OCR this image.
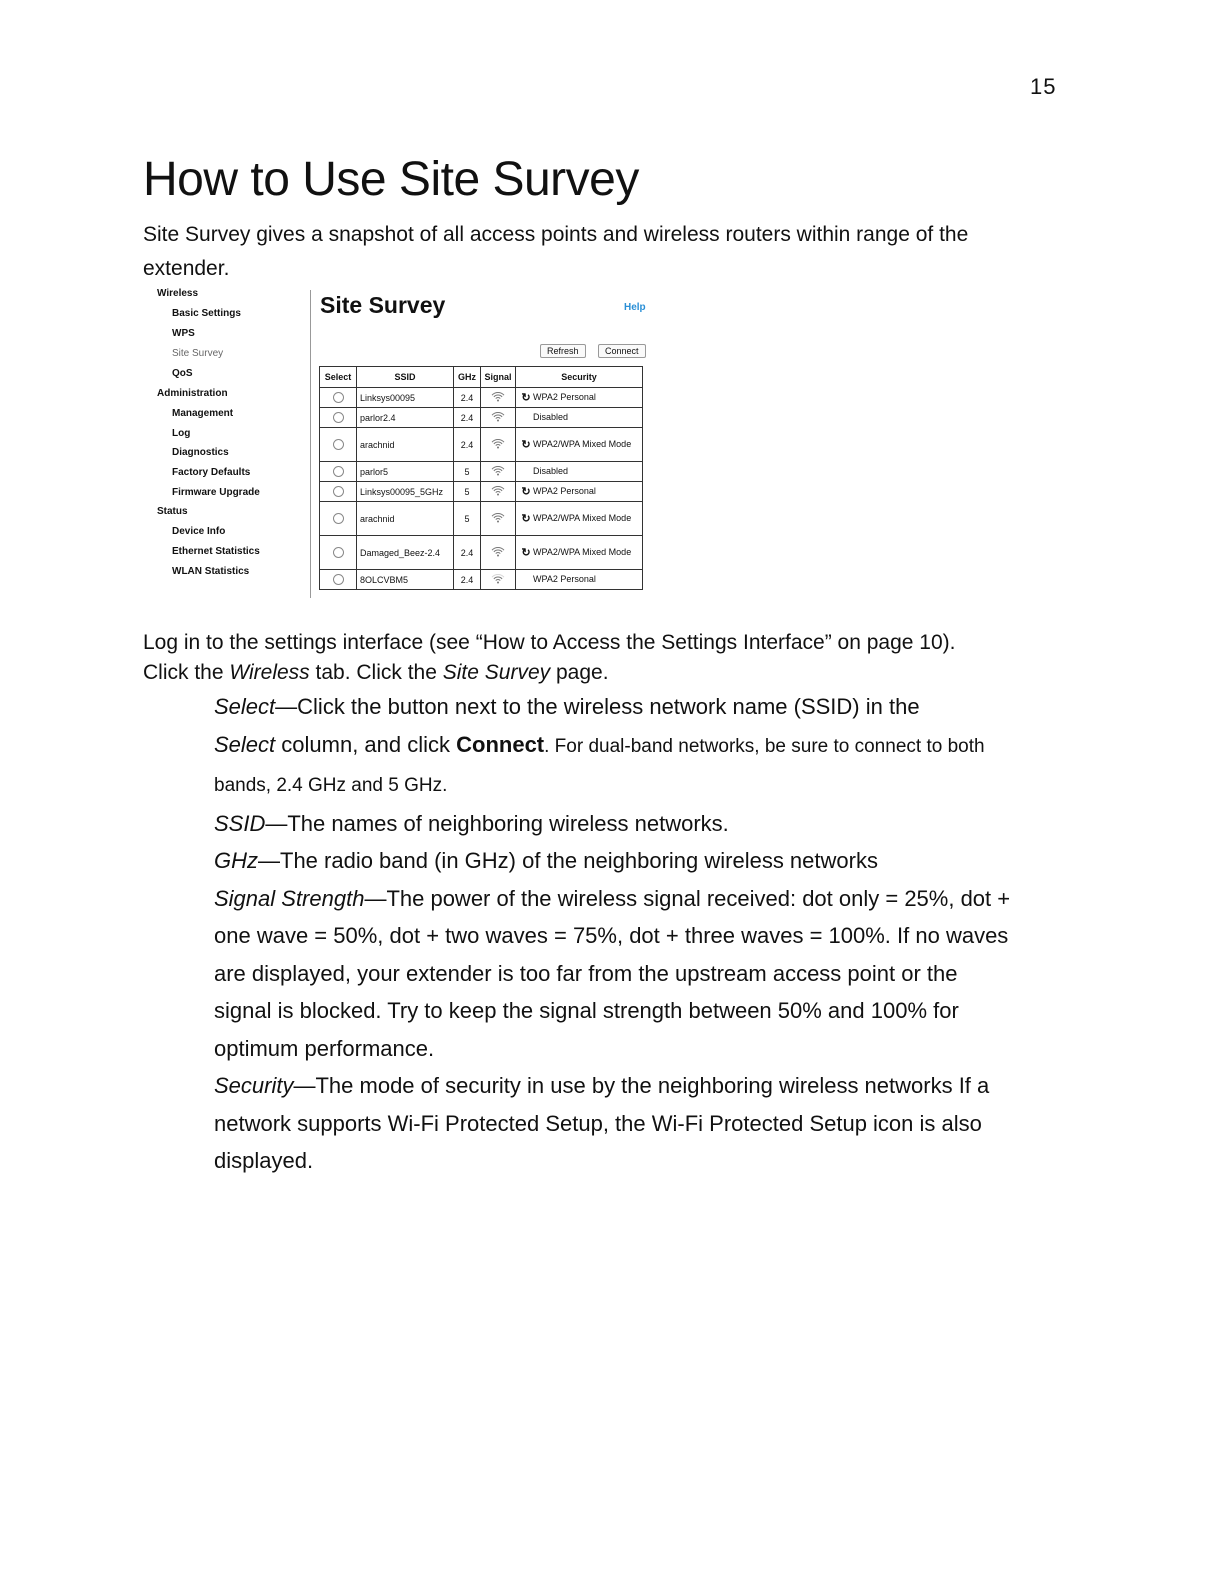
15
How to Use Site Survey

Site Survey gives a snapshot of all access points and wireless routers within range of the extender.

Wireless
Basic Settings
WPS
Site Survey
QoS
Administration
Management
Log
Diagnostics
Factory Defaults
Firmware Upgrade
Status
Device Info
Ethernet Statistics
WLAN Statistics
Site Survey	Help
Refresh	Connect
Select	SSID	GHz	Signal	Security
	Linksys00095	2.4		↻ WPA2 Personal

	parlor2.4	2.4		Disabled

	arachnid	2.4		↻ WPA2/WPA Mixed Mode

	parlor5	5		Disabled

	Linksys00095_5GHz	5		↻ WPA2 Personal

	arachnid	5		↻ WPA2/WPA Mixed Mode

	Damaged_Beez-2.4	2.4		↻ WPA2/WPA Mixed Mode

	8OLCVBM5	2.4		WPA2 Personal

Log in to the settings interface (see “How to Access the Settings Interface” on page 10).

Click the Wireless tab. Click the Site Survey page.

Select—Click the button next to the wireless network name (SSID) in the
Select column, and click Connect. For dual-band networks, be sure to connect to both bands, 2.4 GHz and 5 GHz.
SSID—The names of neighboring wireless networks.
GHz—The radio band (in GHz) of the neighboring wireless networks
Signal Strength—The power of the wireless signal received: dot only = 25%, dot + one wave = 50%, dot + two waves = 75%, dot + three waves = 100%. If no waves are displayed, your extender is too far from the upstream access point or the signal is blocked. Try to keep the signal strength between 50% and 100% for optimum performance.
Security—The mode of security in use by the neighboring wireless networks If a network supports Wi-Fi Protected Setup, the Wi-Fi Protected Setup icon is also displayed.
